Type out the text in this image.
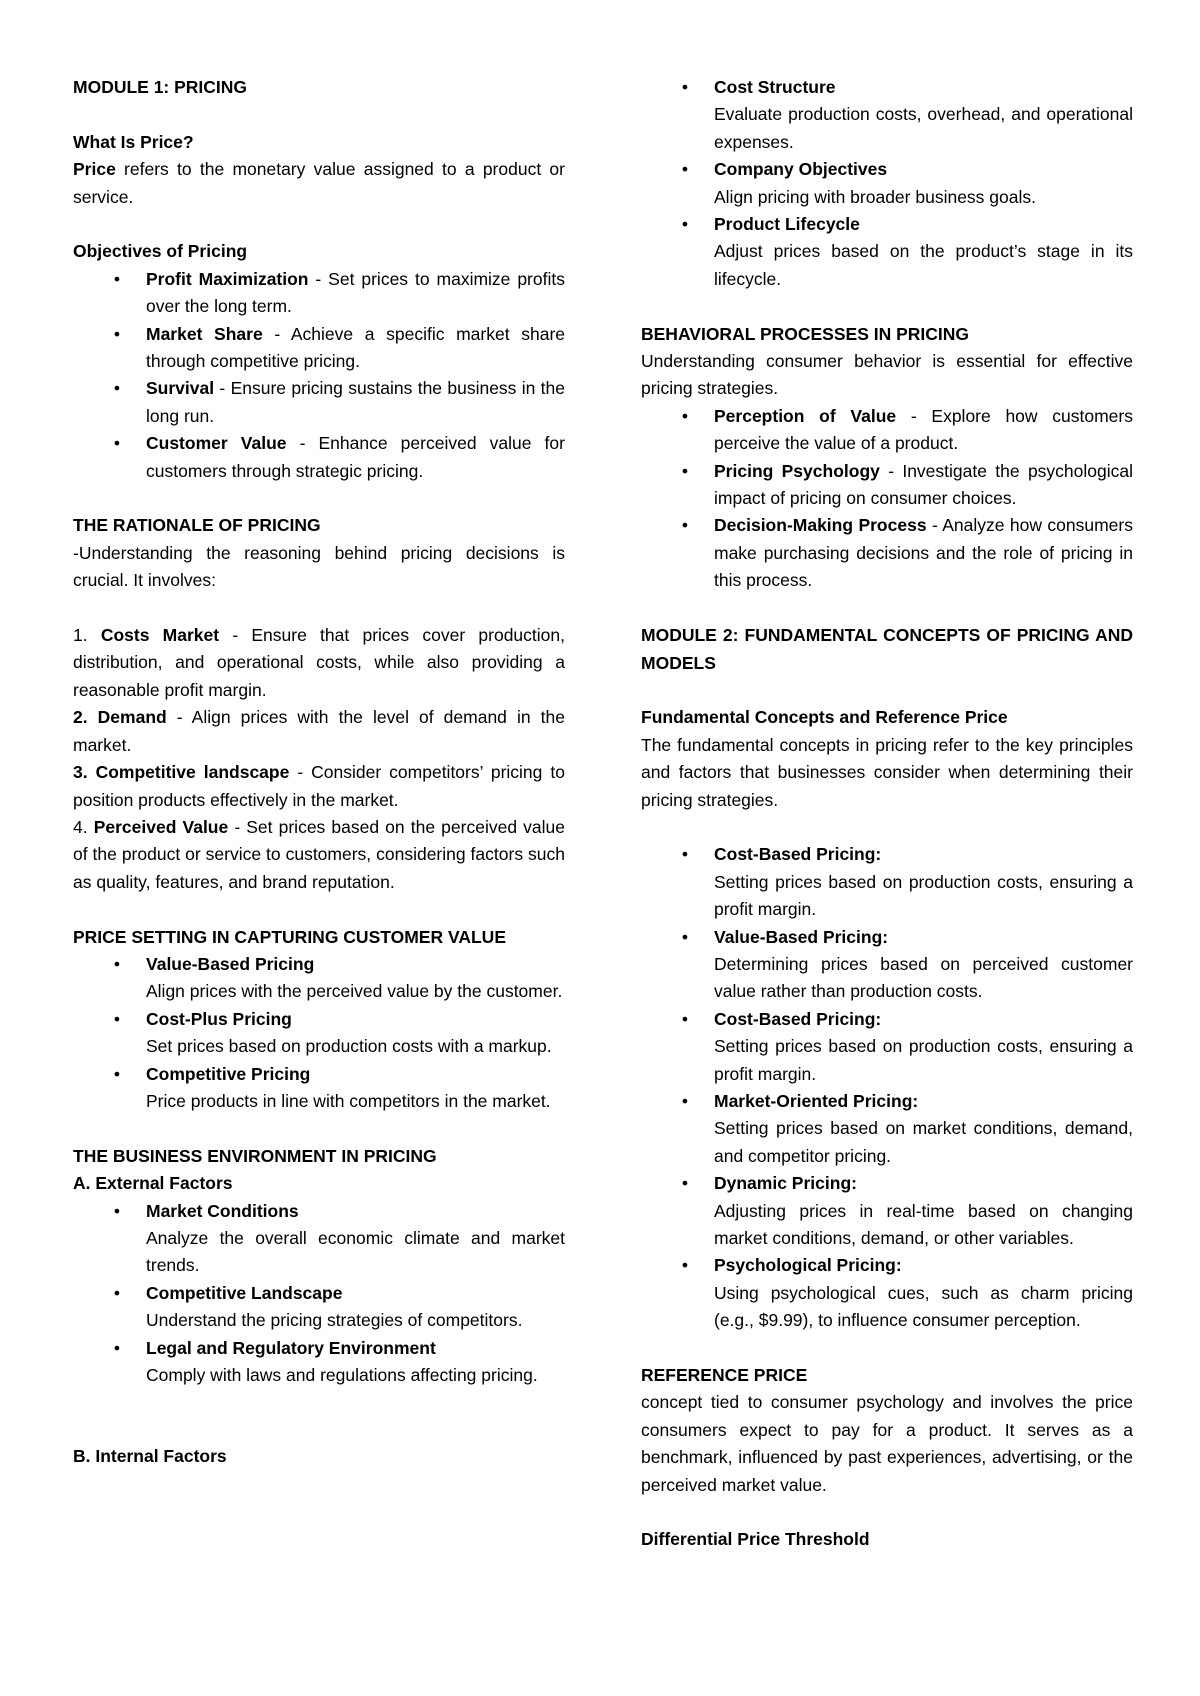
MODULE 1: PRICING
What Is Price?
Price refers to the monetary value assigned to a product or service.
Objectives of Pricing
• Profit Maximization - Set prices to maximize profits over the long term.
• Market Share - Achieve a specific market share through competitive pricing.
• Survival - Ensure pricing sustains the business in the long run.
• Customer Value - Enhance perceived value for customers through strategic pricing.
THE RATIONALE OF PRICING
-Understanding the reasoning behind pricing decisions is crucial. It involves:
1. Costs Market - Ensure that prices cover production, distribution, and operational costs, while also providing a reasonable profit margin.
2. Demand - Align prices with the level of demand in the market.
3. Competitive landscape - Consider competitors’ pricing to position products effectively in the market.
4. Perceived Value - Set prices based on the perceived value of the product or service to customers, considering factors such as quality, features, and brand reputation.
PRICE SETTING IN CAPTURING CUSTOMER VALUE
• Value-Based Pricing
Align prices with the perceived value by the customer.
• Cost-Plus Pricing
Set prices based on production costs with a markup.
• Competitive Pricing
Price products in line with competitors in the market.
THE BUSINESS ENVIRONMENT IN PRICING
A. External Factors
• Market Conditions
Analyze the overall economic climate and market trends.
• Competitive Landscape
Understand the pricing strategies of competitors.
• Legal and Regulatory Environment
Comply with laws and regulations affecting pricing.
B. Internal Factors
• Cost Structure
Evaluate production costs, overhead, and operational expenses.
• Company Objectives
Align pricing with broader business goals.
• Product Lifecycle
Adjust prices based on the product’s stage in its lifecycle.
BEHAVIORAL PROCESSES IN PRICING
Understanding consumer behavior is essential for effective pricing strategies.
• Perception of Value - Explore how customers perceive the value of a product.
• Pricing Psychology - Investigate the psychological impact of pricing on consumer choices.
• Decision-Making Process - Analyze how consumers make purchasing decisions and the role of pricing in this process.
MODULE 2: FUNDAMENTAL CONCEPTS OF PRICING AND MODELS
Fundamental Concepts and Reference Price
The fundamental concepts in pricing refer to the key principles and factors that businesses consider when determining their pricing strategies.
• Cost-Based Pricing:
Setting prices based on production costs, ensuring a profit margin.
• Value-Based Pricing:
Determining prices based on perceived customer value rather than production costs.
• Cost-Based Pricing:
Setting prices based on production costs, ensuring a profit margin.
• Market-Oriented Pricing:
Setting prices based on market conditions, demand, and competitor pricing.
• Dynamic Pricing:
Adjusting prices in real-time based on changing market conditions, demand, or other variables.
• Psychological Pricing:
Using psychological cues, such as charm pricing (e.g., $9.99), to influence consumer perception.
REFERENCE PRICE
concept tied to consumer psychology and involves the price consumers expect to pay for a product. It serves as a benchmark, influenced by past experiences, advertising, or the perceived market value.
Differential Price Threshold
